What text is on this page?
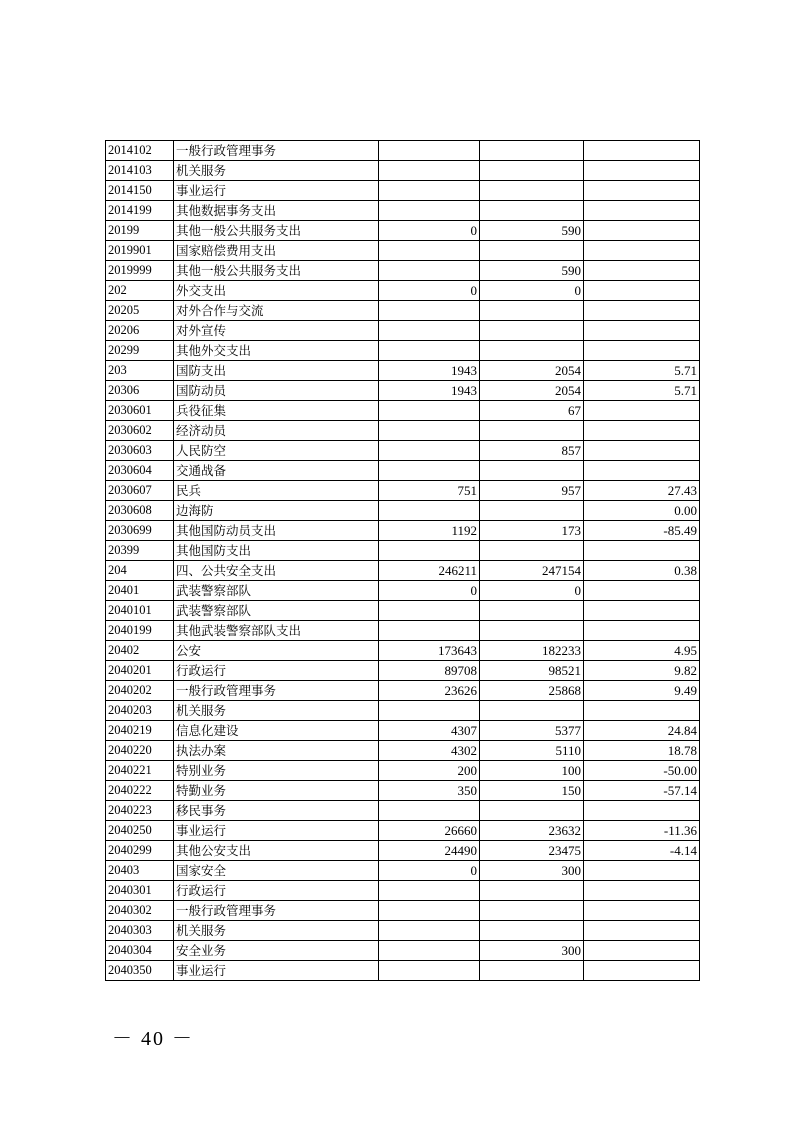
2014102	一般行政管理事务			
2014103	机关服务			
2014150	事业运行			
2014199	其他数据事务支出			
20199	其他一般公共服务支出	0	590	
2019901	国家赔偿费用支出			
2019999	其他一般公共服务支出		590	
202	外交支出	0	0	
20205	对外合作与交流			
20206	对外宣传			
20299	其他外交支出			
203	国防支出	1943	2054	5.71
20306	国防动员	1943	2054	5.71
2030601	兵役征集		67	
2030602	经济动员			
2030603	人民防空		857	
2030604	交通战备			
2030607	民兵	751	957	27.43
2030608	边海防			0.00
2030699	其他国防动员支出	1192	173	-85.49
20399	其他国防支出			
204	四、公共安全支出	246211	247154	0.38
20401	武装警察部队	0	0	
2040101	武装警察部队			
2040199	其他武装警察部队支出			
20402	公安	173643	182233	4.95
2040201	行政运行	89708	98521	9.82
2040202	一般行政管理事务	23626	25868	9.49
2040203	机关服务			
2040219	信息化建设	4307	5377	24.84
2040220	执法办案	4302	5110	18.78
2040221	特别业务	200	100	-50.00
2040222	特勤业务	350	150	-57.14
2040223	移民事务			
2040250	事业运行	26660	23632	-11.36
2040299	其他公安支出	24490	23475	-4.14
20403	国家安全	0	300	
2040301	行政运行			
2040302	一般行政管理事务			
2040303	机关服务			
2040304	安全业务		300	
2040350	事业运行			
－ 40 －
